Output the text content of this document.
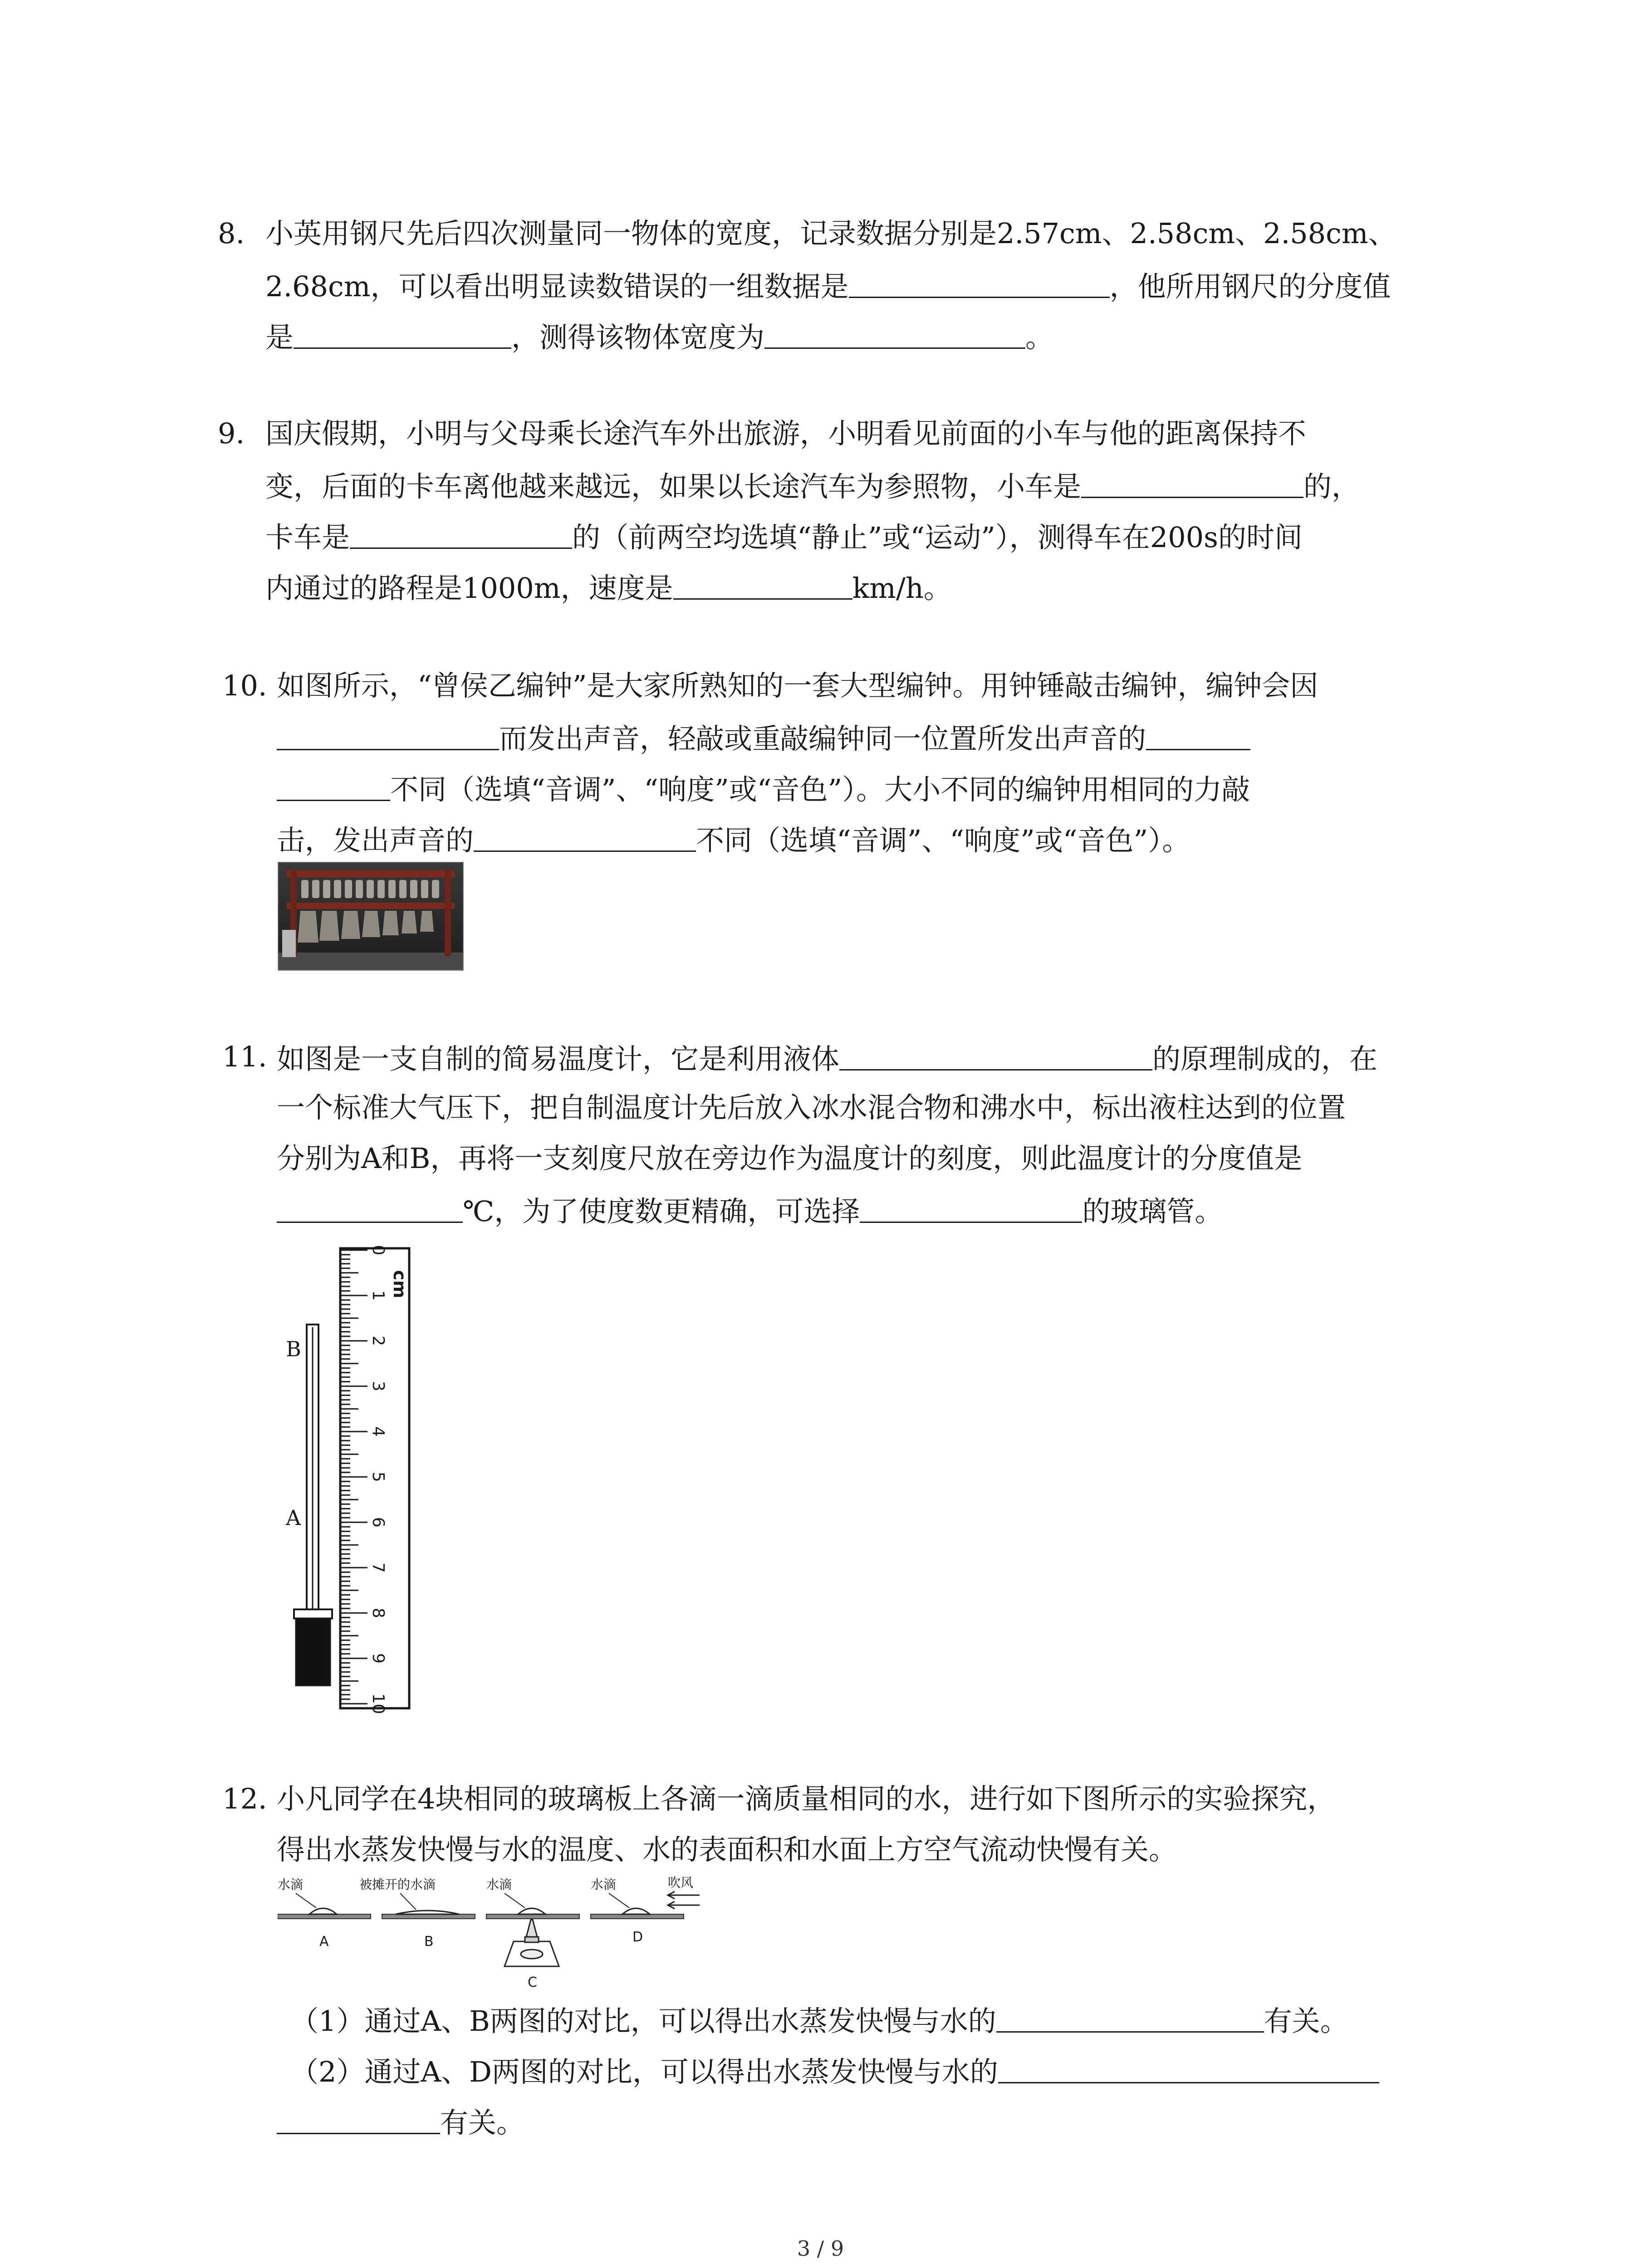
8. 小英用钢尺先后四次测量同一物体的宽度，记录数据分别是2.57cm、2.58cm、2.58cm、
2.68cm，可以看出明显读数错误的一组数据是	，他所用钢尺的分度值
是	，测得该物体宽度为	。
9. 国庆假期，小明与父母乘长途汽车外出旅游，小明看见前面的小车与他的距离保持不
变，后面的卡车离他越来越远，如果以长途汽车为参照物，小车是	的，
卡车是	的（前两空均选填“静止”或“运动”），测得车在200s的时间
内通过的路程是1000m，速度是	km/h。
10. 如图所示，“曾侯乙编钟”是大家所熟知的一套大型编钟。用钟锤敲击编钟，编钟会因
而发出声音，轻敲或重敲编钟同一位置所发出声音的
不同（选填“音调”、“响度”或“音色”）。大小不同的编钟用相同的力敲
击，发出声音的	不同（选填“音调”、“响度”或“音色”）。
11. 如图是一支自制的简易温度计，它是利用液体	的原理制成的，在
一个标准大气压下，把自制温度计先后放入冰水混合物和沸水中，标出液柱达到的位置
分别为A和B，再将一支刻度尺放在旁边作为温度计的刻度，则此温度计的分度值是
℃，为了使度数更精确，可选择	的玻璃管。
B
A
0
1
2
3
4
5
6
7
8
9
10
cm
12. 小凡同学在4块相同的玻璃板上各滴一滴质量相同的水，进行如下图所示的实验探究，
得出水蒸发快慢与水的温度、水的表面积和水面上方空气流动快慢有关。
水滴	被摊开的水滴	水滴	水滴	吹风
A	B
C
D
（1）通过A、B两图的对比，可以得出水蒸发快慢与水的	有关。
（2）通过A、D两图的对比，可以得出水蒸发快慢与水的
有关。
3 / 9
